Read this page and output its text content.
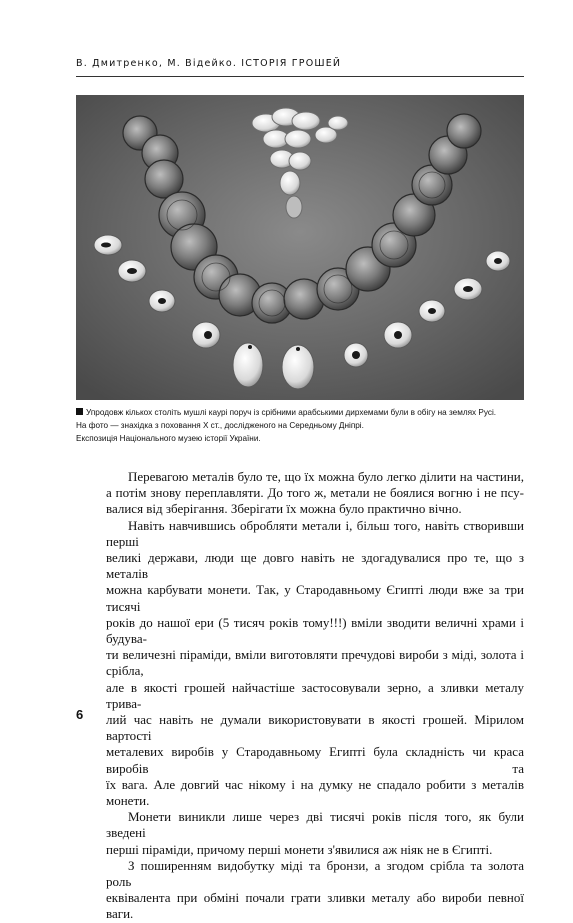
В. Дмитренко, М. Відейко. ІСТОРІЯ ГРОШЕЙ

Упродовж кількох століть мушлі каурі поруч із срібними арабськими дирхемами були в обігу на землях Русі.

На фото — знахідка з поховання X ст., дослідженого на Середньому Дніпрі.

Експозиція Національного музею історії України.

Перевагою металів було те, що їх можна було легко ділити на частини,

а потім знову переплавляти. До того ж, метали не боялися вогню і не псу-

валися від зберігання. Зберігати їх можна було практично вічно.

Навіть навчившись обробляти метали і, більш того, навіть створивши перші

великі держави, люди ще довго навіть не здогадувалися про те, що з металів

можна карбувати монети. Так, у Стародавньому Єгипті люди вже за три тисячі

років до нашої ери (5 тисяч років тому!!!) вміли зводити величні храми і будува-

ти величезні піраміди, вміли виготовляти пречудові вироби з міді, золота і срібла,

але в якості грошей найчастіше застосовували зерно, а зливки металу трива-

лий час навіть не думали використовувати в якості грошей. Мірилом вартості

металевих виробів у Стародавньому Египті була складність чи краса виробів та

їх вага. Але довгий час нікому і на думку не спадало робити з металів монети.

Монети виникли лише через дві тисячі років після того, як були зведені

перші піраміди, причому перші монети з'явилися аж ніяк не в Єгипті.

З поширенням видобутку міді та бронзи, а згодом срібла та золота роль

еквівалента при обміні почали грати зливки металу або вироби певної ваги.

6
